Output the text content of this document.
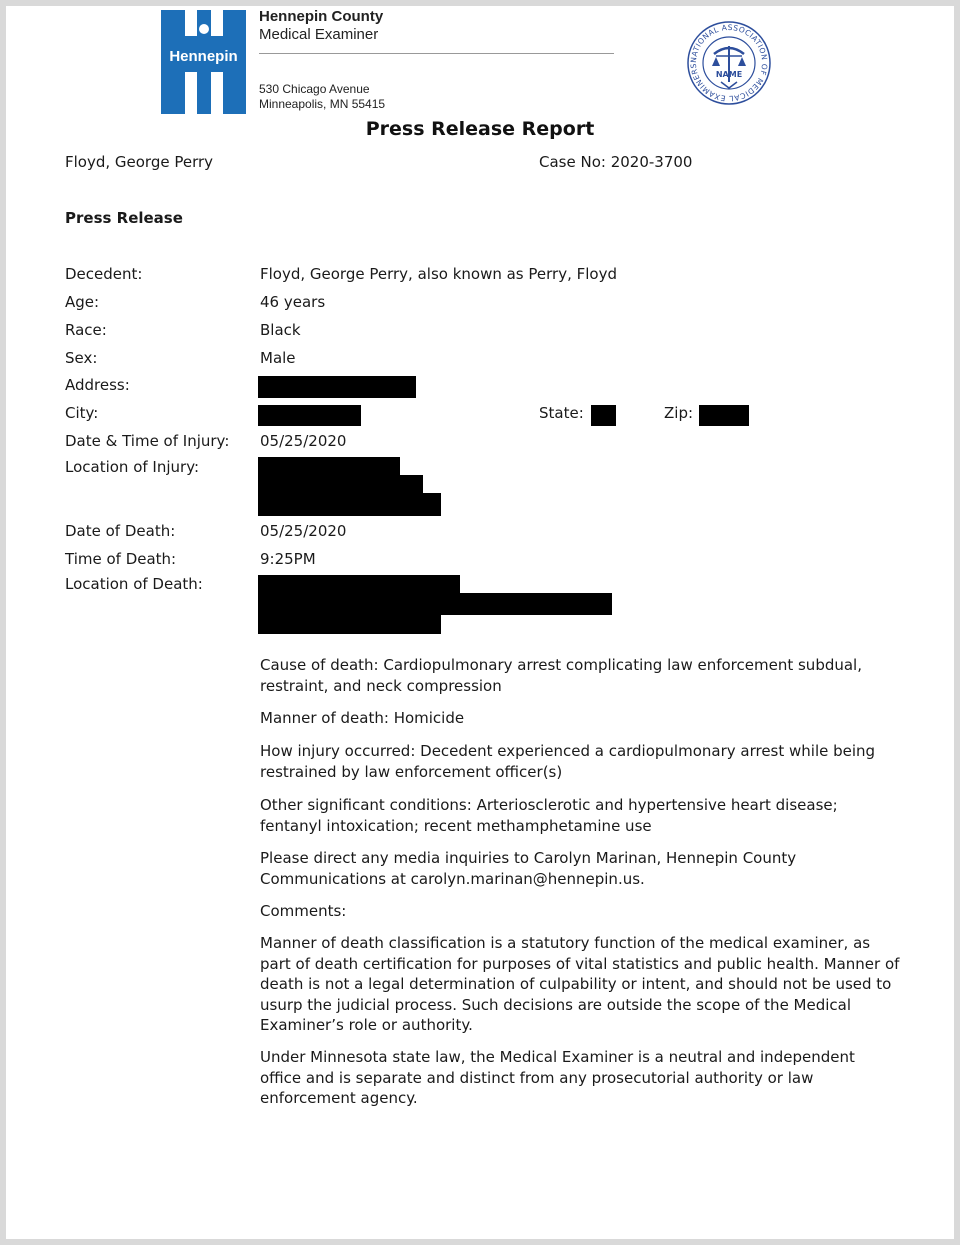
Hennepin
Hennepin County
Medical Examiner
530 Chicago Avenue
Minneapolis, MN 55415
NATIONAL ASSOCIATION OF MEDICAL EXAMINERS
NAME
Press Release Report
Floyd, George Perry	Case No: 2020-3700
Press Release
Decedent:	Floyd, George Perry, also known as Perry, Floyd
Age:	46 years
Race:	Black
Sex:	Male
Address:
City:	State:	Zip:
Date & Time of Injury: 05/25/2020
Location of Injury:
Date of Death:	05/25/2020
Time of Death:	9:25PM
Location of Death:
Cause of death: Cardiopulmonary arrest complicating law enforcement subdual, restraint, and neck compression
Manner of death: Homicide
How injury occurred: Decedent experienced a cardiopulmonary arrest while being restrained by law enforcement officer(s)
Other significant conditions: Arteriosclerotic and hypertensive heart disease; fentanyl intoxication; recent methamphetamine use
Please direct any media inquiries to Carolyn Marinan, Hennepin County Communications at carolyn.marinan@hennepin.us.
Comments:
Manner of death classification is a statutory function of the medical examiner, as part of death certification for purposes of vital statistics and public health. Manner of death is not a legal determination of culpability or intent, and should not be used to usurp the judicial process. Such decisions are outside the scope of the Medical Examiner’s role or authority.
Under Minnesota state law, the Medical Examiner is a neutral and independent office and is separate and distinct from any prosecutorial authority or law enforcement agency.
